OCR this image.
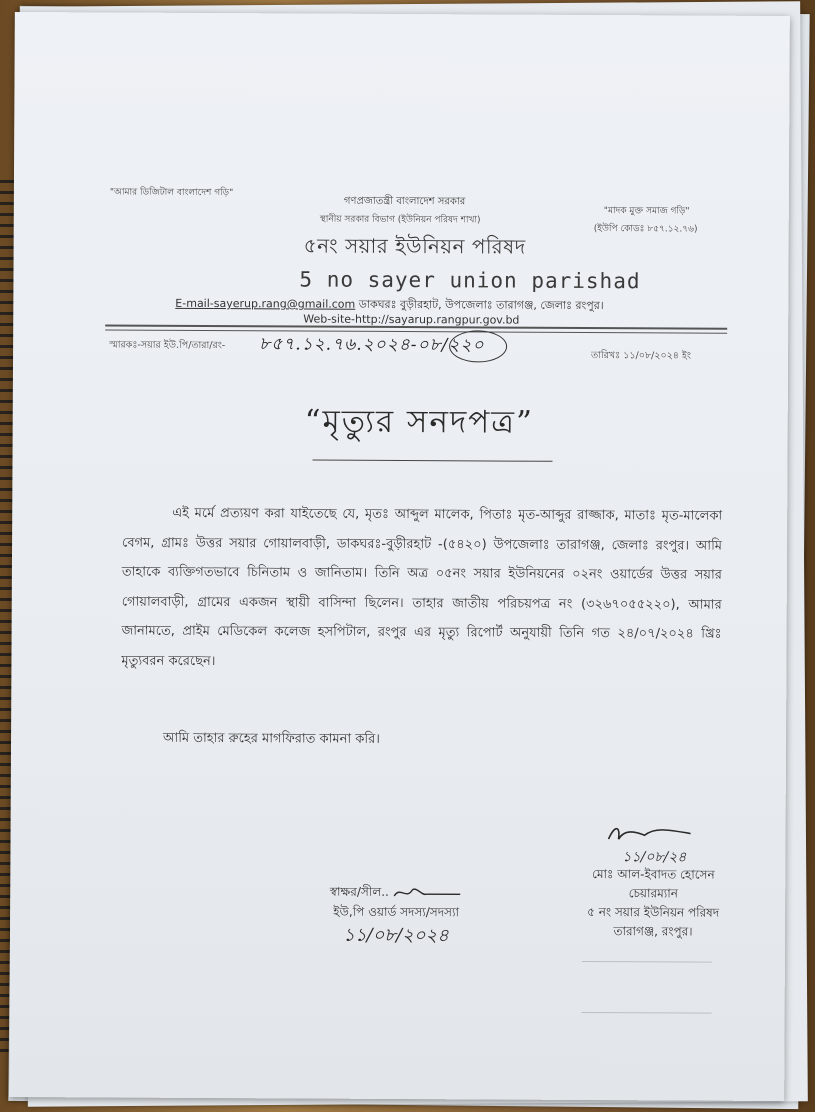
"আমার ডিজিটাল বাংলাদেশ গড়ি"
গণপ্রজাতন্ত্রী বাংলাদেশ সরকার
স্থানীয় সরকার বিভাগ (ইউনিয়ন পরিষদ শাখা)
"মাদক মুক্ত সমাজ গড়ি"
(ইউপি কোডঃ ৮৫৭.১২.৭৬)
৫নং সয়ার ইউনিয়ন পরিষদ
5 no sayer union parishad
E-mail-sayerup.rang@gmail.com ডাকঘরঃ বুড়ীরহাট, উপজেলাঃ তারাগঞ্জ, জেলাঃ রংপুর।
Web-site-http://sayarup.rangpur.gov.bd
স্মারকঃ-সয়ার ইউ.পি/তারা/রং- ৮৫৭.১২.৭৬.২০২৪-০৮/২২০
তারিখঃ ১১/০৮/২০২৪ ইং
“মৃত্যুর সনদপত্র”
এই মর্মে প্রত্যয়ণ করা যাইতেছে যে, মৃতঃ আব্দুল মালেক, পিতাঃ মৃত-আব্দুর রাজ্জাক, মাতাঃ মৃত-মালেকা বেগম, গ্রামঃ উত্তর সয়ার গোয়ালবাড়ী, ডাকঘরঃ-বুড়ীরহাট -(৫৪২০) উপজেলাঃ তারাগঞ্জ, জেলাঃ রংপুর। আমি তাহাকে ব্যক্তিগতভাবে চিনিতাম ও জানিতাম। তিনি অত্র ০৫নং সয়ার ইউনিয়নের ০২নং ওয়ার্ডের উত্তর সয়ার গোয়ালবাড়ী, গ্রামের একজন স্থায়ী বাসিন্দা ছিলেন। তাহার জাতীয় পরিচয়পত্র নং (৩২৬৭০৫৫২২০), আমার জানামতে, প্রাইম মেডিকেল কলেজ হসপিটাল, রংপুর এর মৃত্যু রিপোর্ট অনুযায়ী তিনি গত ২৪/০৭/২০২৪ খ্রিঃ মৃত্যুবরন করেছেন।
আমি তাহার রুহের মাগফিরাত কামনা করি।
১১/০৮/২৪
মোঃ আল-ইবাদত হোসেন
চেয়ারম্যান
৫ নং সয়ার ইউনিয়ন পরিষদ
তারাগঞ্জ, রংপুর।
স্বাক্ষর/সীল..
ইউ,পি ওয়ার্ড সদস্য/সদস্যা
১১/০৮/২০২৪
